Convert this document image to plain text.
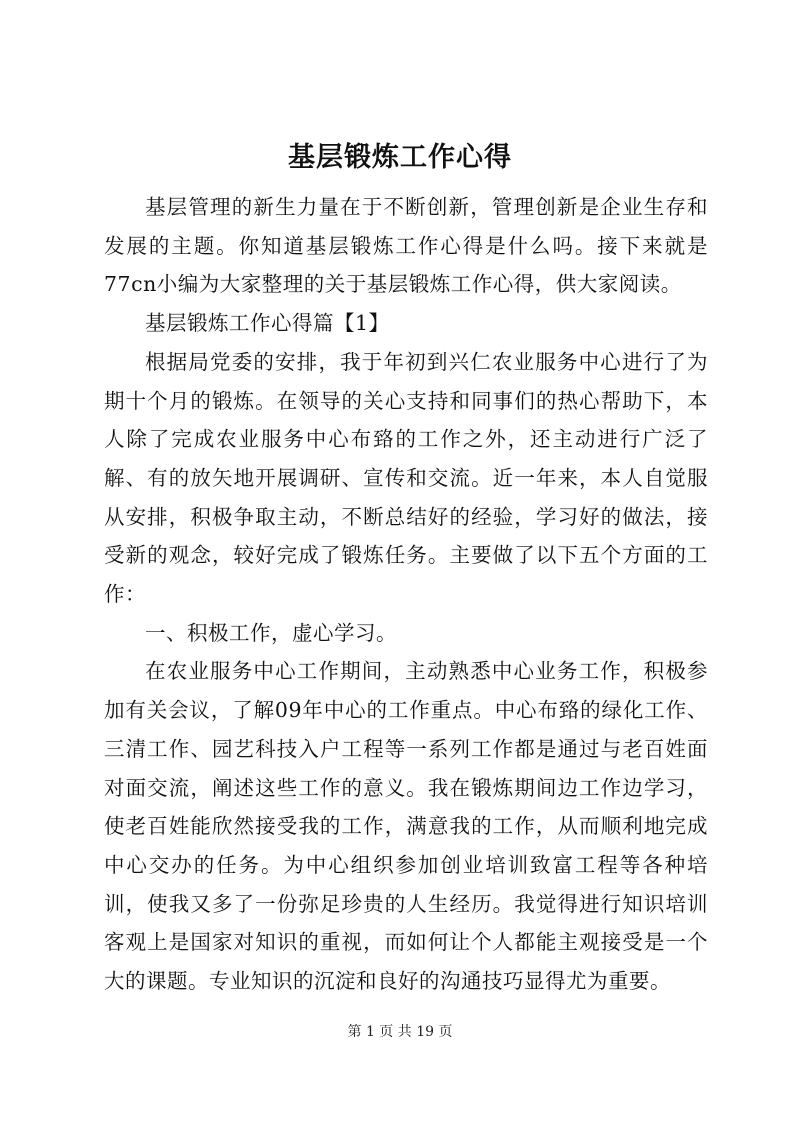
基层锻炼工作心得

基层管理的新生力量在于不断创新，管理创新是企业生存和发展的主题。你知道基层锻炼工作心得是什么吗。接下来就是77cn小编为大家整理的关于基层锻炼工作心得，供大家阅读。

基层锻炼工作心得篇【1】

根据局党委的安排，我于年初到兴仁农业服务中心进行了为期十个月的锻炼。在领导的关心支持和同事们的热心帮助下，本人除了完成农业服务中心布臵的工作之外，还主动进行广泛了解、有的放矢地开展调研、宣传和交流。近一年来，本人自觉服从安排，积极争取主动，不断总结好的经验，学习好的做法，接受新的观念，较好完成了锻炼任务。主要做了以下五个方面的工作：

一、积极工作，虚心学习。

在农业服务中心工作期间，主动熟悉中心业务工作，积极参加有关会议，了解09年中心的工作重点。中心布臵的绿化工作、三清工作、园艺科技入户工程等一系列工作都是通过与老百姓面对面交流，阐述这些工作的意义。我在锻炼期间边工作边学习，使老百姓能欣然接受我的工作，满意我的工作，从而顺利地完成中心交办的任务。为中心组织参加创业培训致富工程等各种培训，使我又多了一份弥足珍贵的人生经历。我觉得进行知识培训客观上是国家对知识的重视，而如何让个人都能主观接受是一个大的课题。专业知识的沉淀和良好的沟通技巧显得尤为重要。

第 1 页 共 19 页
